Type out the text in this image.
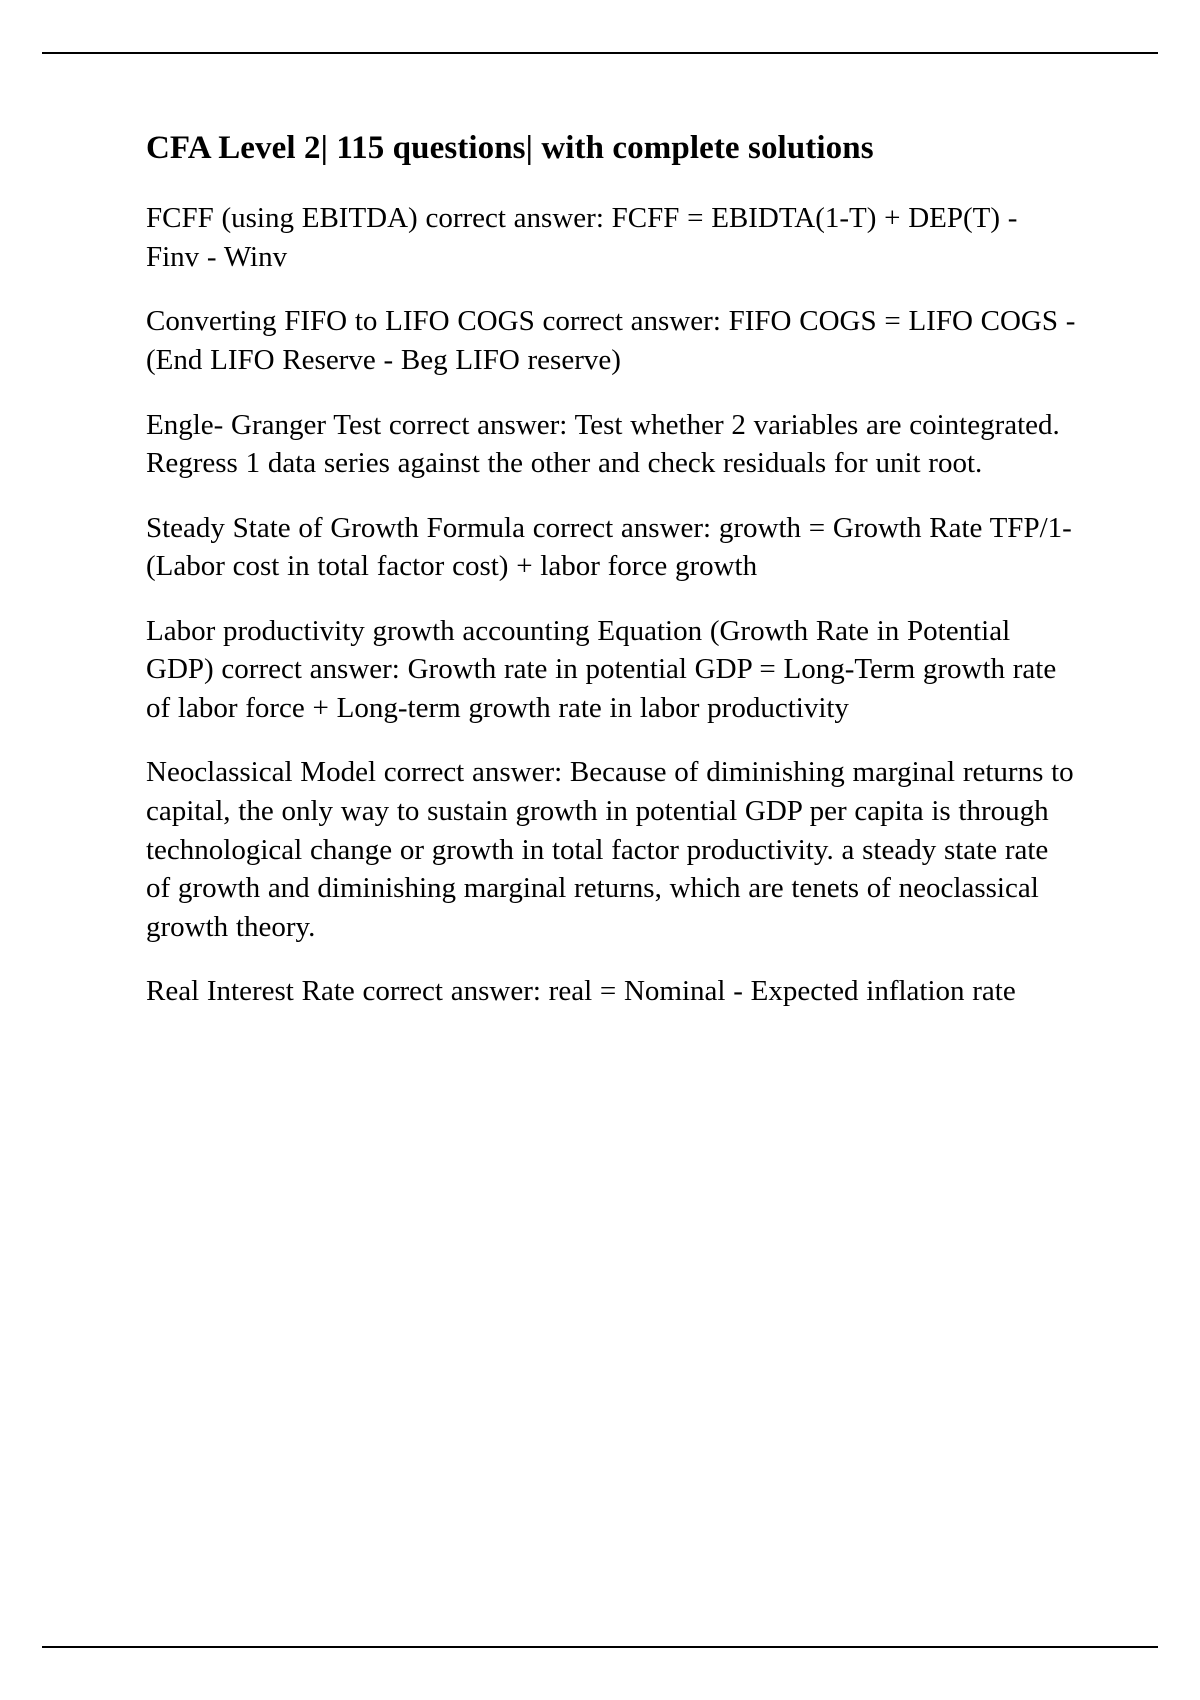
CFA Level 2| 115 questions| with complete solutions

FCFF (using EBITDA) correct answer: FCFF = EBIDTA(1-T) + DEP(T) - Finv - Winv

Converting FIFO to LIFO COGS correct answer: FIFO COGS = LIFO COGS - (End LIFO Reserve - Beg LIFO reserve)

Engle- Granger Test correct answer: Test whether 2 variables are cointegrated. Regress 1 data series against the other and check residuals for unit root.

Steady State of Growth Formula correct answer: growth = Growth Rate TFP/1-(Labor cost in total factor cost) + labor force growth

Labor productivity growth accounting Equation (Growth Rate in Potential GDP) correct answer: Growth rate in potential GDP = Long-Term growth rate of labor force + Long-term growth rate in labor productivity

Neoclassical Model correct answer: Because of diminishing marginal returns to capital, the only way to sustain growth in potential GDP per capita is through technological change or growth in total factor productivity. a steady state rate of growth and diminishing marginal returns, which are tenets of neoclassical growth theory.

Real Interest Rate correct answer: real = Nominal - Expected inflation rate
